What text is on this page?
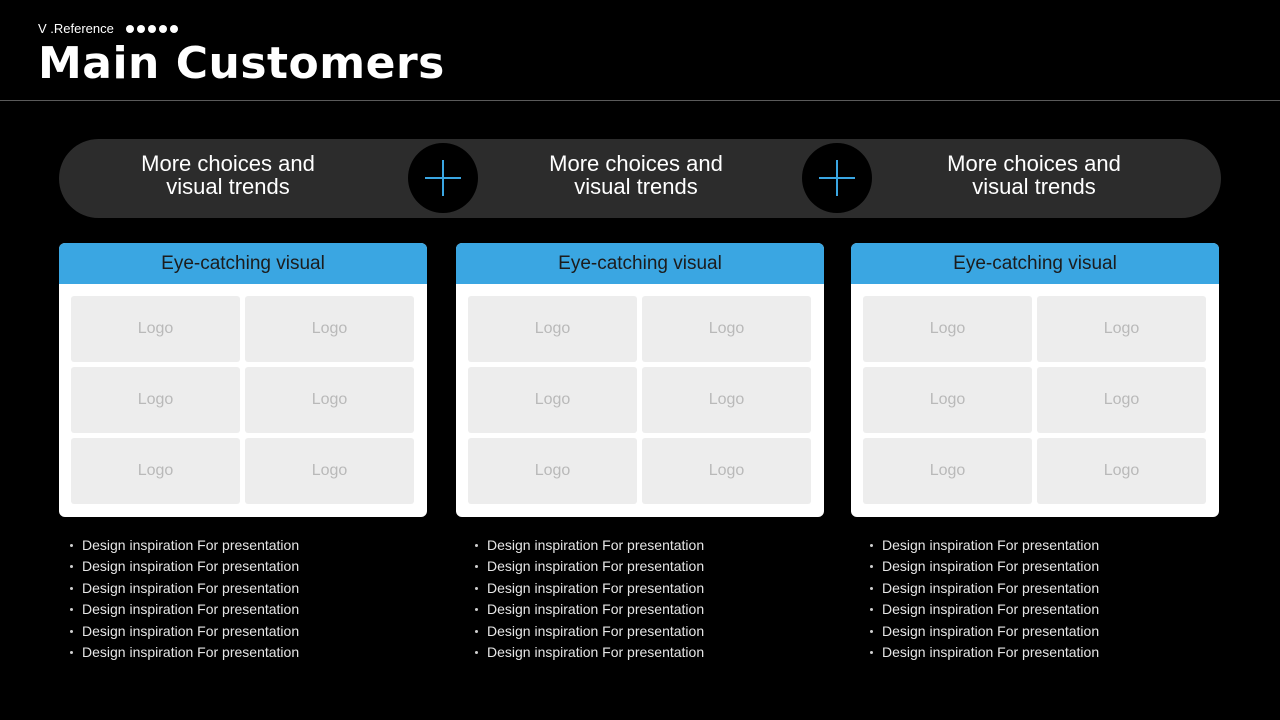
V .Reference
Main Customers
More choices and
visual trends
More choices and
visual trends
More choices and
visual trends
Eye-catching visual
Logo	Logo
Logo	Logo
Logo	Logo
Eye-catching visual
Logo	Logo
Logo	Logo
Logo	Logo
Eye-catching visual
Logo	Logo
Logo	Logo
Logo	Logo
Design inspiration For presentation
Design inspiration For presentation
Design inspiration For presentation
Design inspiration For presentation
Design inspiration For presentation
Design inspiration For presentation
Design inspiration For presentation
Design inspiration For presentation
Design inspiration For presentation
Design inspiration For presentation
Design inspiration For presentation
Design inspiration For presentation
Design inspiration For presentation
Design inspiration For presentation
Design inspiration For presentation
Design inspiration For presentation
Design inspiration For presentation
Design inspiration For presentation
